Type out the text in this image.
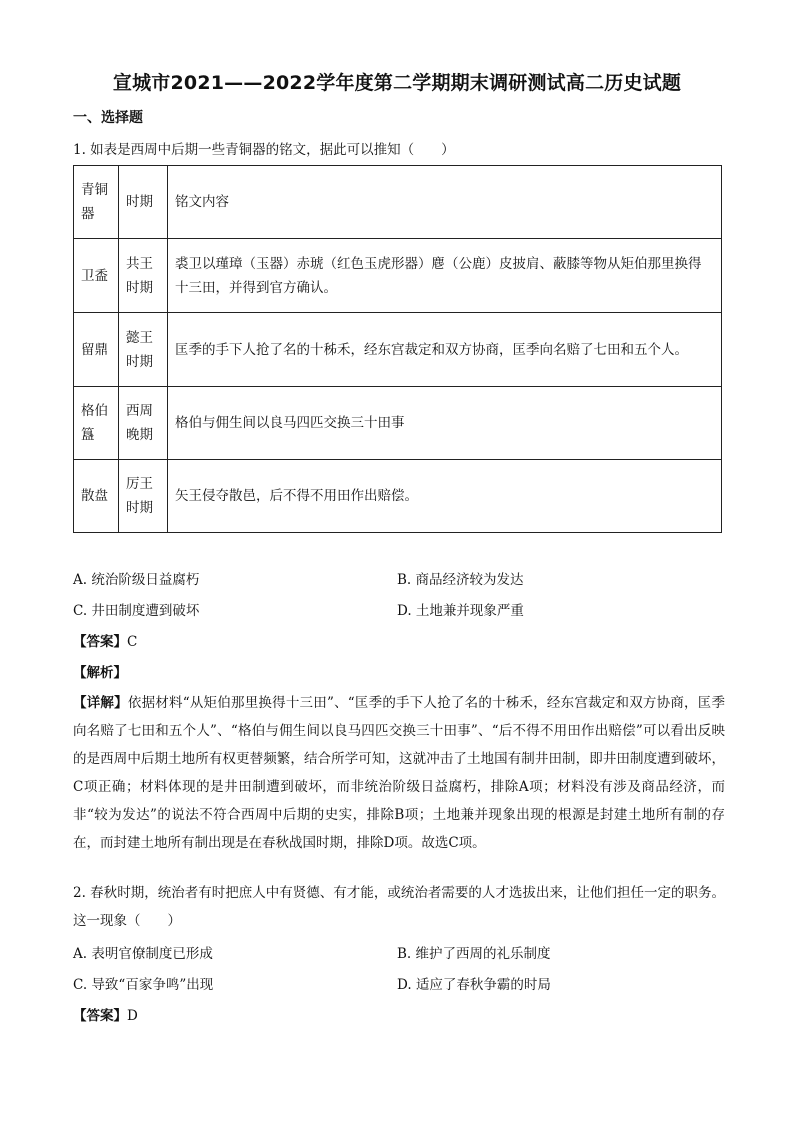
宣城市2021——2022学年度第二学期期末调研测试高二历史试题
一、选择题
1. 如表是西周中后期一些青铜器的铭文，据此可以推知（　　）
青铜器	时期	铭文内容
卫盉	共王时期	裘卫以瑾璋（玉器）赤琥（红色玉虎形器）麀（公鹿）皮披肩、蔽膝等物从矩伯那里换得十三田，并得到官方确认。
留鼎	懿王时期	匡季的手下人抢了名的十秭禾，经东宫裁定和双方协商，匡季向名赔了七田和五个人。
格伯簋	西周晚期	格伯与佣生间以良马四匹交换三十田事
散盘	厉王时期	矢王侵夺散邑，后不得不用田作出赔偿。
A. 统治阶级日益腐朽	B. 商品经济较为发达
C. 井田制度遭到破坏	D. 土地兼并现象严重
【答案】C
【解析】
【详解】依据材料“从矩伯那里换得十三田”、“匡季的手下人抢了名的十秭禾，经东宫裁定和双方协商，匡季向名赔了七田和五个人”、“格伯与佣生间以良马四匹交换三十田事”、“后不得不用田作出赔偿”可以看出反映的是西周中后期土地所有权更替频繁，结合所学可知，这就冲击了土地国有制井田制，即井田制度遭到破坏，C项正确；材料体现的是井田制遭到破坏，而非统治阶级日益腐朽，排除A项；材料没有涉及商品经济，而非“较为发达”的说法不符合西周中后期的史实，排除B项；土地兼并现象出现的根源是封建土地所有制的存在，而封建土地所有制出现是在春秋战国时期，排除D项。故选C项。
2. 春秋时期，统治者有时把庶人中有贤德、有才能，或统治者需要的人才选拔出来，让他们担任一定的职务。这一现象（　　）
A. 表明官僚制度已形成	B. 维护了西周的礼乐制度
C. 导致“百家争鸣”出现	D. 适应了春秋争霸的时局
【答案】D
